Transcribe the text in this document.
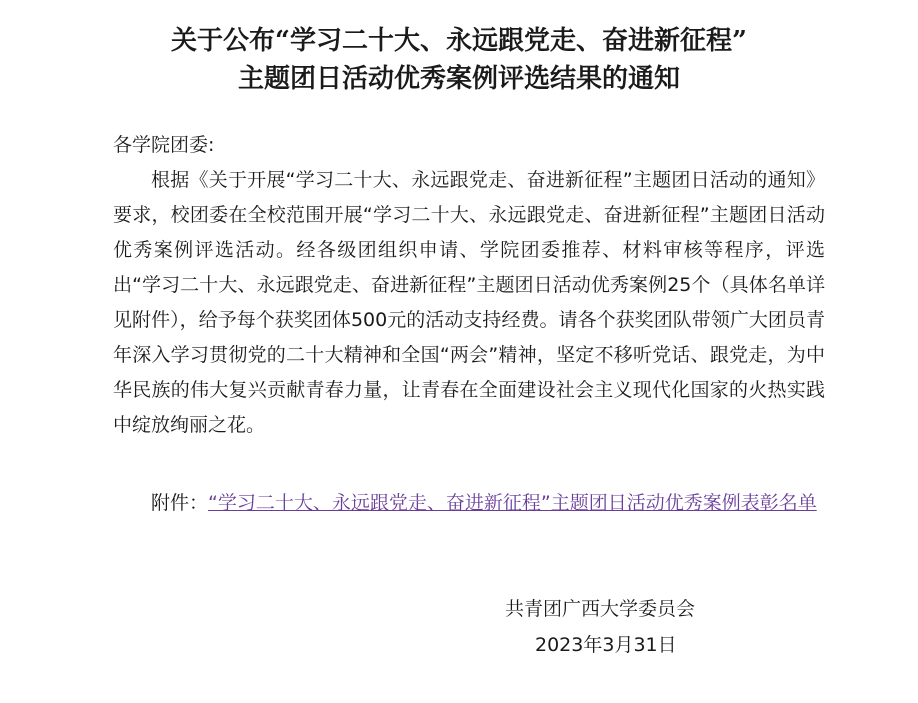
关于公布“学习二十大、永远跟党走、奋进新征程”
主题团日活动优秀案例评选结果的通知
各学院团委:
根据《关于开展“学习二十大、永远跟党走、奋进新征程”主题团日活动的通知》要求，校团委在全校范围开展“学习二十大、永远跟党走、奋进新征程”主题团日活动优秀案例评选活动。经各级团组织申请、学院团委推荐、材料审核等程序，评选出“学习二十大、永远跟党走、奋进新征程”主题团日活动优秀案例25个（具体名单详见附件），给予每个获奖团体500元的活动支持经费。请各个获奖团队带领广大团员青年深入学习贯彻党的二十大精神和全国“两会”精神，坚定不移听党话、跟党走，为中华民族的伟大复兴贡献青春力量，让青春在全面建设社会主义现代化国家的火热实践中绽放绚丽之花。
附件：“学习二十大、永远跟党走、奋进新征程”主题团日活动优秀案例表彰名单
共青团广西大学委员会
2023年3月31日
